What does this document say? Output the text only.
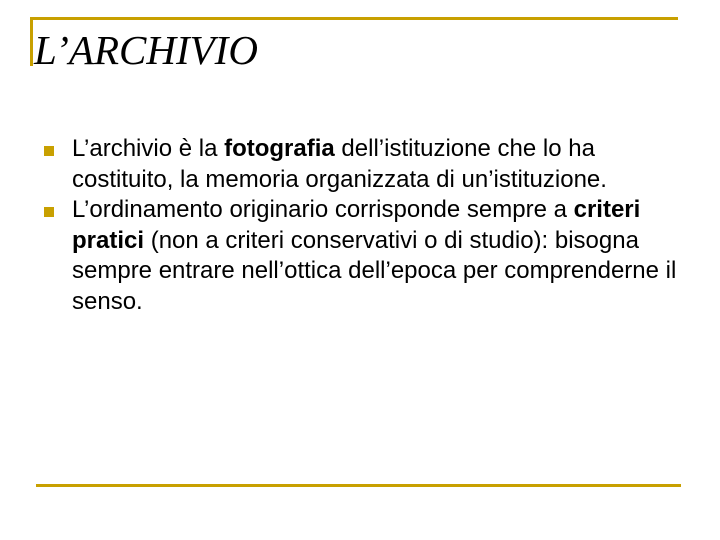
L’ARCHIVIO
L’archivio è la fotografia dell’istituzione che lo ha costituito, la memoria organizzata di un’istituzione.
L’ordinamento originario corrisponde sempre a criteri pratici (non a criteri conservativi o di studio): bisogna sempre entrare nell’ottica dell’epoca per comprenderne il senso.
